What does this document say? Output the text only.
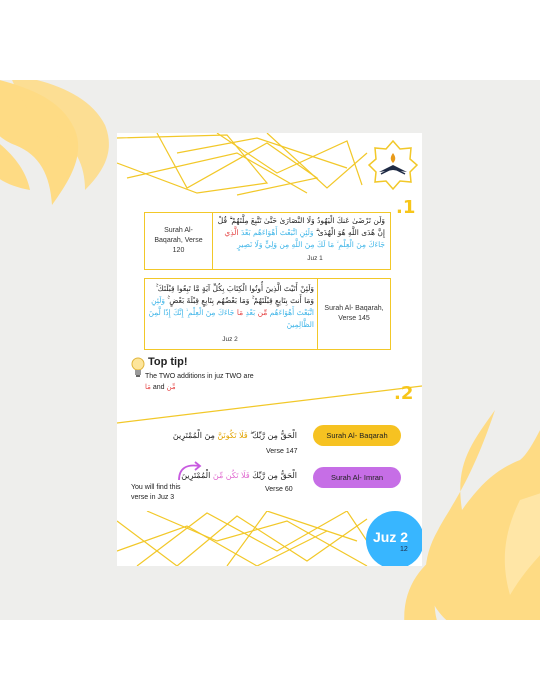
.1
Surah Al- Baqarah, Verse 120
وَلَن تَرْضَىٰ عَنكَ الْيَهُودُ وَلَا النَّصَارَىٰ حَتَّىٰ تَتَّبِعَ مِلَّتَهُمْ ۗ قُلْ إِنَّ هُدَى اللَّهِ هُوَ الْهُدَىٰ ۗ وَلَئِنِ اتَّبَعْتَ أَهْوَاءَهُم بَعْدَ الَّذِي جَاءَكَ مِنَ الْعِلْمِ ۙ مَا لَكَ مِنَ اللَّهِ مِن وَلِيٍّ وَلَا نَصِيرٍ
Juz 1
وَلَئِنْ أَتَيْتَ الَّذِينَ أُوتُوا الْكِتَابَ بِكُلِّ آيَةٍ مَّا تَبِعُوا قِبْلَتَكَ ۚ وَمَا أَنتَ بِتَابِعٍ قِبْلَتَهُمْ ۚ وَمَا بَعْضُهُم بِتَابِعٍ قِبْلَةَ بَعْضٍ ۚ وَلَئِنِ اتَّبَعْتَ أَهْوَاءَهُم مِّن بَعْدِ مَا جَاءَكَ مِنَ الْعِلْمِ ۙ إِنَّكَ إِذًا لَّمِنَ الظَّالِمِينَ
Juz 2
Surah Al- Baqarah, Verse 145
Top tip!
The TWO additions in juz TWO are
مَا and مِّن	.2
الْحَقُّ مِن رَّبِّكَ ۖ فَلَا تَكُونَنَّ مِنَ الْمُمْتَرِينَ
Verse 147
Surah Al- Baqarah
الْحَقُّ مِن رَّبِّكَ فَلَا تَكُن مِّنَ الْمُمْتَرِينَ
Verse 60
Surah Al- Imran
You will find this verse in Juz 3
Juz 2
12
